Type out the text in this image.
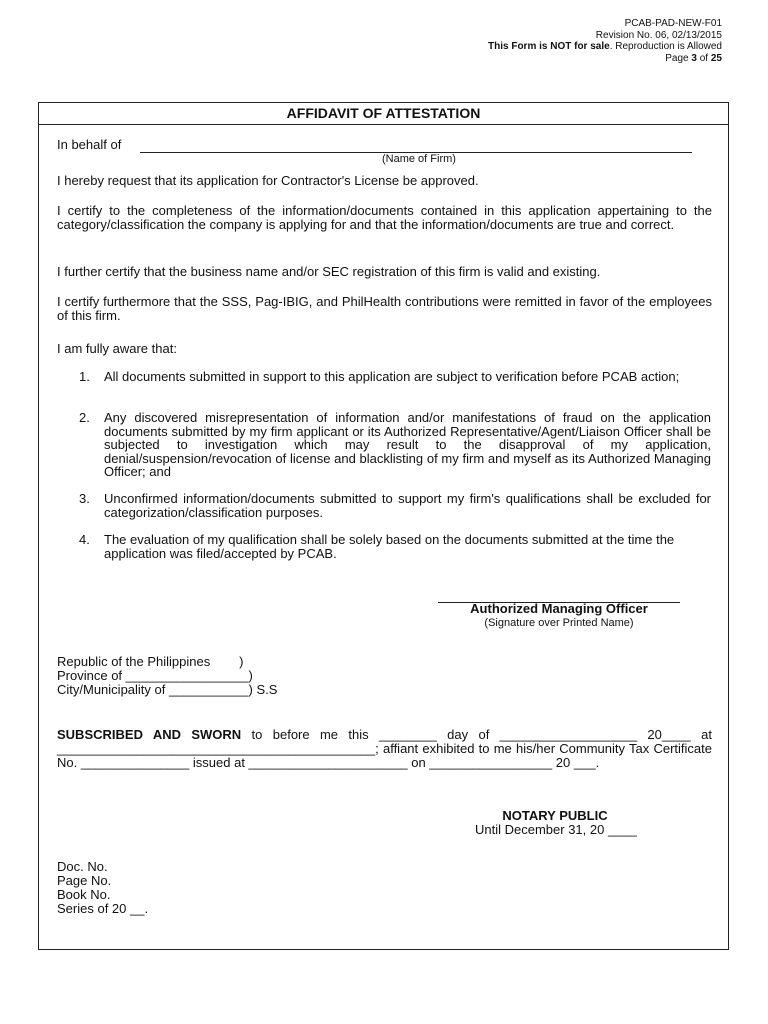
PCAB-PAD-NEW-F01
Revision No. 06, 02/13/2015
This Form is NOT for sale. Reproduction is Allowed
Page 3 of 25
AFFIDAVIT OF ATTESTATION
In behalf of
(Name of Firm)
I hereby request that its application for Contractor's License be approved.
I certify to the completeness of the information/documents contained in this application appertaining to the category/classification the company is applying for and that the information/documents are true and correct.
I further certify that the business name and/or SEC registration of this firm is valid and existing.
I certify furthermore that the SSS, Pag-IBIG, and PhilHealth contributions were remitted in favor of the employees of this firm.
I am fully aware that:
1. All documents submitted in support to this application are subject to verification before PCAB action;
2. Any discovered misrepresentation of information and/or manifestations of fraud on the application documents submitted by my firm applicant or its Authorized Representative/Agent/Liaison Officer shall be subjected to investigation which may result to the disapproval of my application, denial/suspension/revocation of license and blacklisting of my firm and myself as its Authorized Managing Officer; and
3. Unconfirmed information/documents submitted to support my firm's qualifications shall be excluded for categorization/classification purposes.
4. The evaluation of my qualification shall be solely based on the documents submitted at the time the application was filed/accepted by PCAB.
Authorized Managing Officer
(Signature over Printed Name)
Republic of the Philippines        )
Province of _________________)
City/Municipality of ___________) S.S
SUBSCRIBED AND SWORN to before me this ________ day of ___________________ 20____ at ____________________________________________; affiant exhibited to me his/her Community Tax Certificate No. _______________ issued at ______________________ on _________________ 20 ___.
NOTARY PUBLIC
Until December 31, 20 ____
Doc. No.
Page No.
Book No.
Series of 20 __.
